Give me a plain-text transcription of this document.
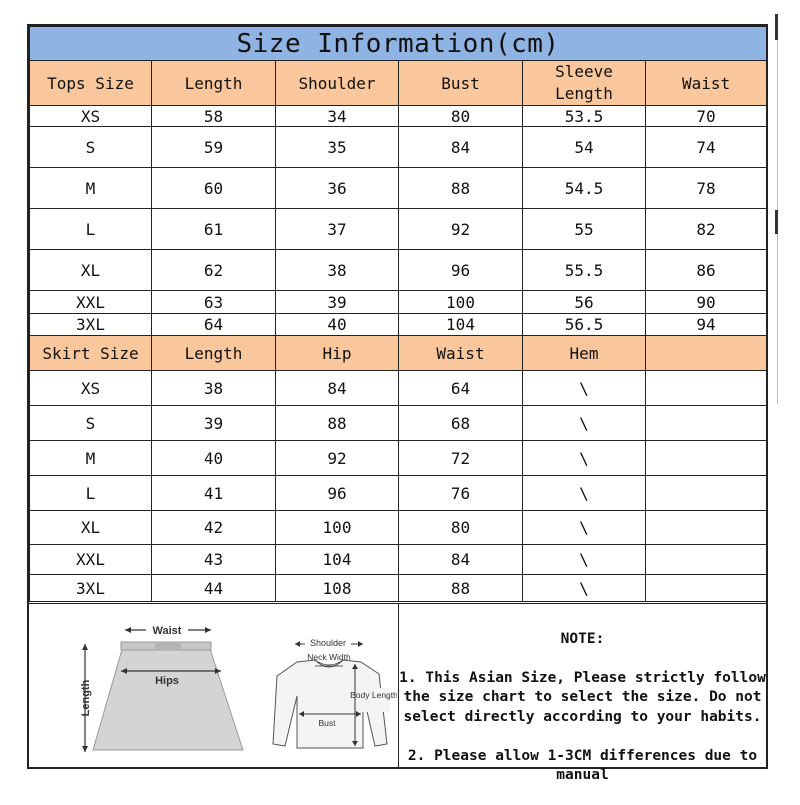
Size Information(cm)					
Tops Size	Length	Shoulder	Bust	Sleeve Length	Waist
XS	58	34	80	53.5	70
S	59	35	84	54	74
M	60	36	88	54.5	78
L	61	37	92	55	82
XL	62	38	96	55.5	86
XXL	63	39	100	56	90
3XL	64	40	104	56.5	94
Skirt Size	Length	Hip	Waist	Hem	
XS	38	84	64	\	
S	39	88	68	\	
M	40	92	72	\	
L	41	96	76	\	
XL	42	100	80	\	
XXL	43	104	84	\	
3XL	44	108	88	\	
Waist
Hips
Length
Shoulder
Neck Width
Body Length
Bust

NOTE:

1. This Asian Size, Please strictly follow the size chart to select the size. Do not select directly according to your habits.

2. Please allow 1-3CM differences due to manual
